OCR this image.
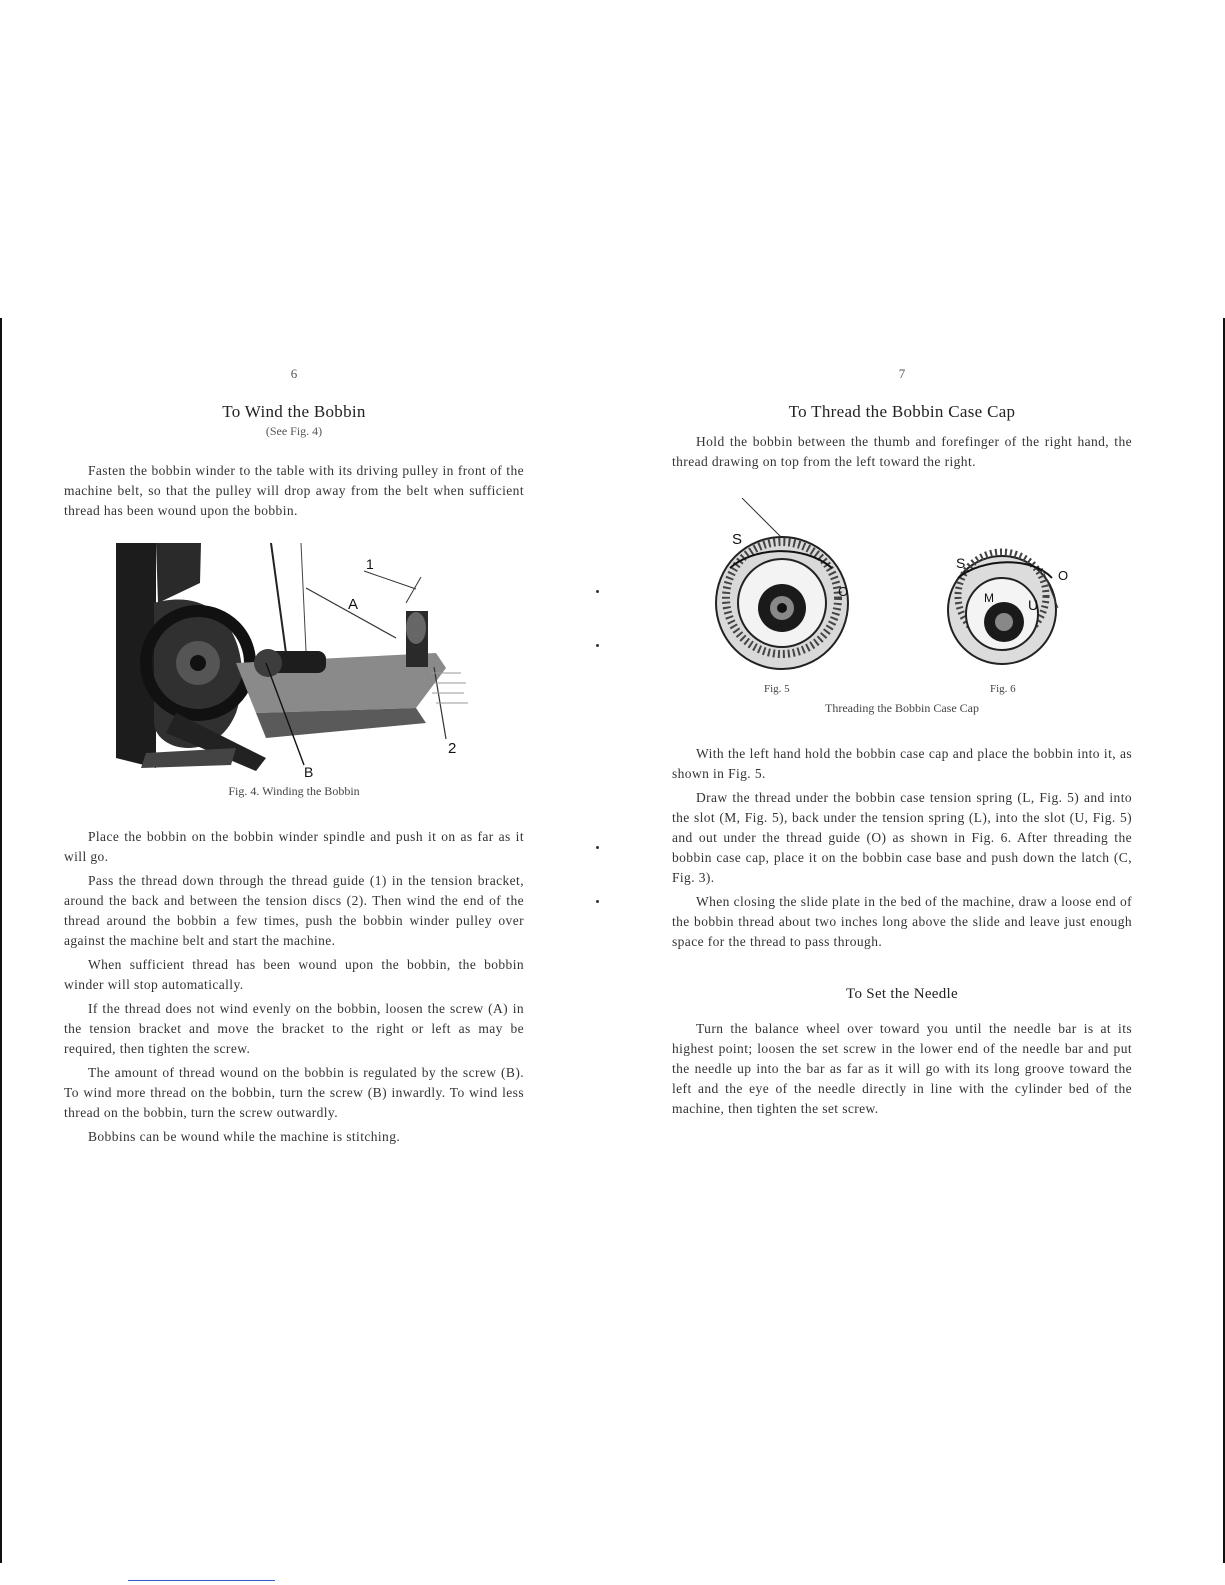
6
To Wind the Bobbin
(See Fig. 4)

Fasten the bobbin winder to the table with its driving pulley in front of the machine belt, so that the pulley will drop away from the belt when sufficient thread has been wound upon the bobbin.

1
A
2
B
Fig. 4. Winding the Bobbin

Place the bobbin on the bobbin winder spindle and push it on as far as it will go.

Pass the thread down through the thread guide (1) in the tension bracket, around the back and between the tension discs (2). Then wind the end of the thread around the bobbin a few times, push the bobbin winder pulley over against the machine belt and start the machine.

When sufficient thread has been wound upon the bobbin, the bobbin winder will stop automatically.

If the thread does not wind evenly on the bobbin, loosen the screw (A) in the tension bracket and move the bracket to the right or left as may be required, then tighten the screw.

The amount of thread wound on the bobbin is regulated by the screw (B). To wind more thread on the bobbin, turn the screw (B) inwardly. To wind less thread on the bobbin, turn the screw outwardly.

Bobbins can be wound while the machine is stitching.

7
To Thread the Bobbin Case Cap

Hold the bobbin between the thumb and forefinger of the right hand, the thread drawing on top from the left toward the right.

S
O
S
O
M U
Fig. 5	Fig. 6
Threading the Bobbin Case Cap

With the left hand hold the bobbin case cap and place the bobbin into it, as shown in Fig. 5.

Draw the thread under the bobbin case tension spring (L, Fig. 5) and into the slot (M, Fig. 5), back under the tension spring (L), into the slot (U, Fig. 5) and out under the thread guide (O) as shown in Fig. 6. After threading the bobbin case cap, place it on the bobbin case base and push down the latch (C, Fig. 3).

When closing the slide plate in the bed of the machine, draw a loose end of the bobbin thread about two inches long above the slide and leave just enough space for the thread to pass through.

To Set the Needle

Turn the balance wheel over toward you until the needle bar is at its highest point; loosen the set screw in the lower end of the needle bar and put the needle up into the bar as far as it will go with its long groove toward the left and the eye of the needle directly in line with the cylinder bed of the machine, then tighten the set screw.
